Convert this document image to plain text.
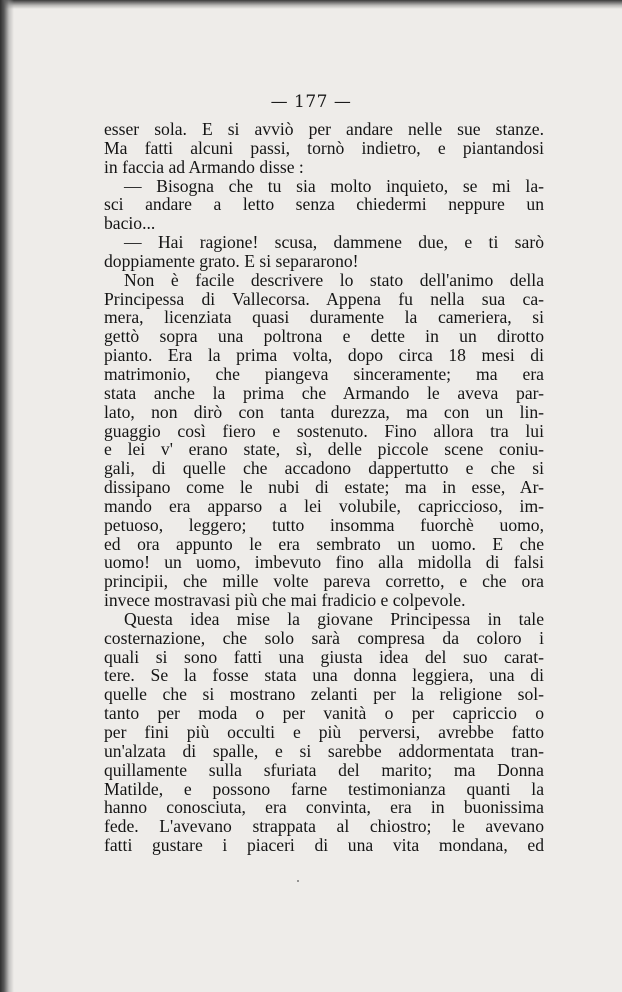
— 177 —
esser sola. E si avviò per andare nelle sue stanze.
Ma fatti alcuni passi, tornò indietro, e piantandosi
in faccia ad Armando disse :
— Bisogna che tu sia molto inquieto, se mi la-
sci andare a letto senza chiedermi neppure un
bacio...
— Hai ragione! scusa, dammene due, e ti sarò
doppiamente grato. E si separarono!
Non è facile descrivere lo stato dell'animo della
Principessa di Vallecorsa. Appena fu nella sua ca-
mera, licenziata quasi duramente la cameriera, si
gettò sopra una poltrona e dette in un dirotto
pianto. Era la prima volta, dopo circa 18 mesi di
matrimonio, che piangeva sinceramente; ma era
stata anche la prima che Armando le aveva par-
lato, non dirò con tanta durezza, ma con un lin-
guaggio così fiero e sostenuto. Fino allora tra lui
e lei v' erano state, sì, delle piccole scene coniu-
gali, di quelle che accadono dappertutto e che si
dissipano come le nubi di estate; ma in esse, Ar-
mando era apparso a lei volubile, capriccioso, im-
petuoso, leggero; tutto insomma fuorchè uomo,
ed ora appunto le era sembrato un uomo. E che
uomo! un uomo, imbevuto fino alla midolla di falsi
principii, che mille volte pareva corretto, e che ora
invece mostravasi più che mai fradicio e colpevole.
Questa idea mise la giovane Principessa in tale
costernazione, che solo sarà compresa da coloro i
quali si sono fatti una giusta idea del suo carat-
tere. Se la fosse stata una donna leggiera, una di
quelle che si mostrano zelanti per la religione sol-
tanto per moda o per vanità o per capriccio o
per fini più occulti e più perversi, avrebbe fatto
un'alzata di spalle, e si sarebbe addormentata tran-
quillamente sulla sfuriata del marito; ma Donna
Matilde, e possono farne testimonianza quanti la
hanno conosciuta, era convinta, era in buonissima
fede. L'avevano strappata al chiostro; le avevano
fatti gustare i piaceri di una vita mondana, ed
